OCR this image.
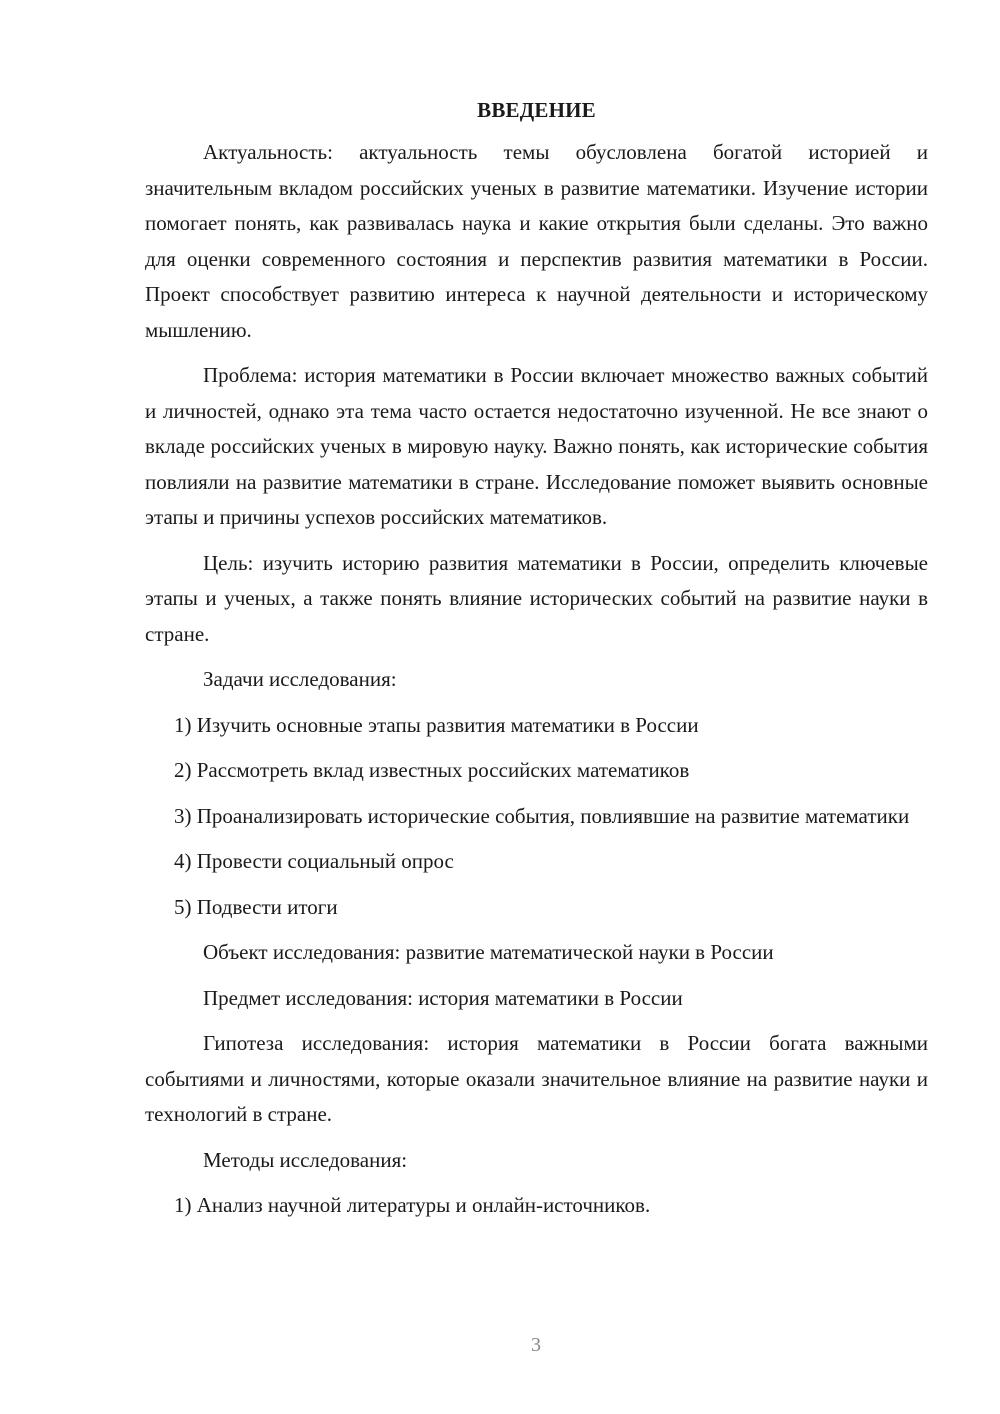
ВВЕДЕНИЕ

Актуальность: актуальность темы обусловлена богатой историей и значительным вкладом российских ученых в развитие математики. Изучение истории помогает понять, как развивалась наука и какие открытия были сделаны. Это важно для оценки современного состояния и перспектив развития математики в России. Проект способствует развитию интереса к научной деятельности и историческому мышлению.

Проблема: история математики в России включает множество важных событий и личностей, однако эта тема часто остается недостаточно изученной. Не все знают о вкладе российских ученых в мировую науку. Важно понять, как исторические события повлияли на развитие математики в стране. Исследование поможет выявить основные этапы и причины успехов российских математиков.

Цель: изучить историю развития математики в России, определить ключевые этапы и ученых, а также понять влияние исторических событий на развитие науки в стране.

Задачи исследования:

1) Изучить основные этапы развития математики в России

2) Рассмотреть вклад известных российских математиков

3) Проанализировать исторические события, повлиявшие на развитие математики

4) Провести социальный опрос

5) Подвести итоги

Объект исследования: развитие математической науки в России

Предмет исследования: история математики в России

Гипотеза исследования: история математики в России богата важными событиями и личностями, которые оказали значительное влияние на развитие науки и технологий в стране.

Методы исследования:

1) Анализ научной литературы и онлайн-источников.

3
